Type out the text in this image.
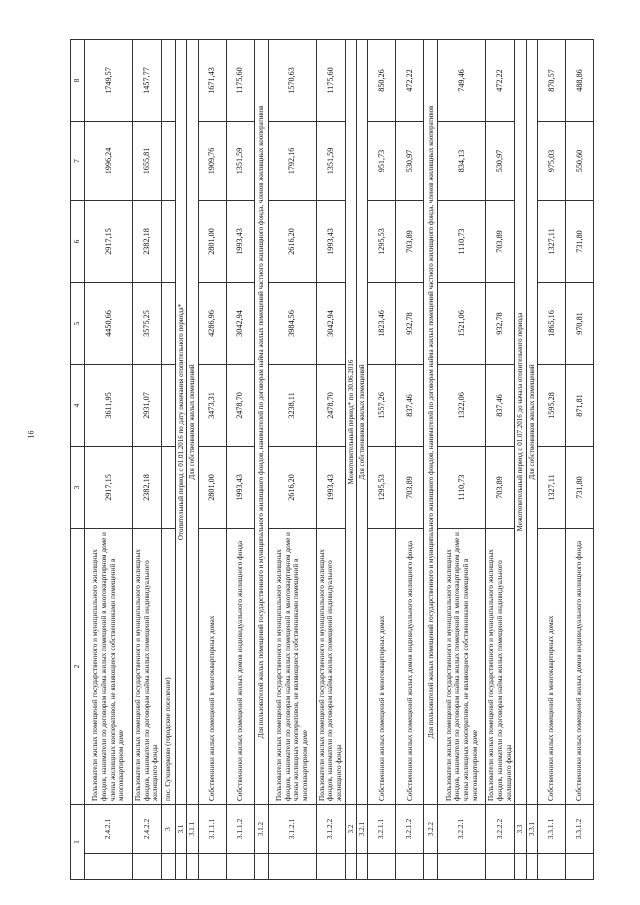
16
1		2	3	4	5	6	7	8
	2.4.2.1	Пользователи жилых помещений государственного и муниципального жилищных фондов, наниматели по договорам найма жилых помещений в многоквартирном доме и члены жилищных кооперативов, не являющиеся собственниками помещений в многоквартирном доме	2917,15	3611,95	4450,66	2917,15	1996,24	1749,57
	2.4.2.2	Пользователи жилых помещений государственного и муниципального жилищных фондов, наниматели по договорам найма жилых помещений индивидуального жилищного фонда	2382,18	2931,07	3575,25	2382,18	1655,81	1457,77
	3	пос. Суховерково (городское поселение)						
	3.1	Отопительный период с 01.01.2016 по дату окончания отопительного периода*						
	3.1.1	Для собственников жилых помещений						
	3.1.1.1	Собственники жилых помещений в многоквартирных домах	2801,00	3473,31	4286,96	2801,00	1909,76	1671,43
	3.1.1.2	Собственники жилых помещений жилых домов индивидуального жилищного фонда	1993,43	2478,70	3042,94	1993,43	1351,59	1175,60
	3.1.2	Для пользователей жилых помещений государственного и муниципального жилищного фондов, нанимателей по договорам найма жилых помещений частного жилищного фонда, членов жилищных кооперативов						
	3.1.2.1	Пользователи жилых помещений государственного и муниципального жилищных фондов, наниматели по договорам найма жилых помещений в многоквартирном доме и члены жилищных кооперативов, не являющиеся собственниками помещений в многоквартирном доме	2616,20	3238,11	3984,56	2616,20	1792,16	1570,63
	3.1.2.2	Пользователи жилых помещений государственного и муниципального жилищных фондов, наниматели по договорам найма жилых помещений индивидуального жилищного фонда	1993,43	2478,70	3042,94	1993,43	1351,59	1175,60
	3.2	Межотопительный период* по 30.06.2016						
	3.2.1	Для собственников жилых помещений						
	3.2.1.1	Собственники жилых помещений в многоквартирных домах	1295,53	1557,26	1823,46	1295,53	951,73	850,26
	3.2.1.2	Собственники жилых помещений жилых домов индивидуального жилищного фонда	703,89	837,46	932,78	703,89	530,97	472,22
	3.2.2	Для пользователей жилых помещений государственного и муниципального жилищного фондов, нанимателей по договорам найма жилых помещений частного жилищного фонда, членов жилищных кооперативов						
	3.2.2.1	Пользователи жилых помещений государственного и муниципального жилищных фондов, наниматели по договорам найма жилых помещений в многоквартирном доме и члены жилищных кооперативов, не являющиеся собственниками помещений в многоквартирном доме	1110,73	1322,06	1521,06	1110,73	834,13	749,46
	3.2.2.2	Пользователи жилых помещений государственного и муниципального жилищных фондов, наниматели по договорам найма жилых помещений индивидуального жилищного фонда	703,89	837,46	932,78	703,89	530,97	472,22
	3.3	Межотопительный период с 01.07.2016 до начала отопительного периода						
	3.3.1	Для собственников жилых помещений						
	3.3.1.1	Собственники жилых помещений в многоквартирных домах	1327,11	1595,28	1865,16	1327,11	975,03	870,57
	3.3.1.2	Собственники жилых помещений жилых домов индивидуального жилищного фонда	731,80	871,81	970,81	731,80	550,60	488,86
